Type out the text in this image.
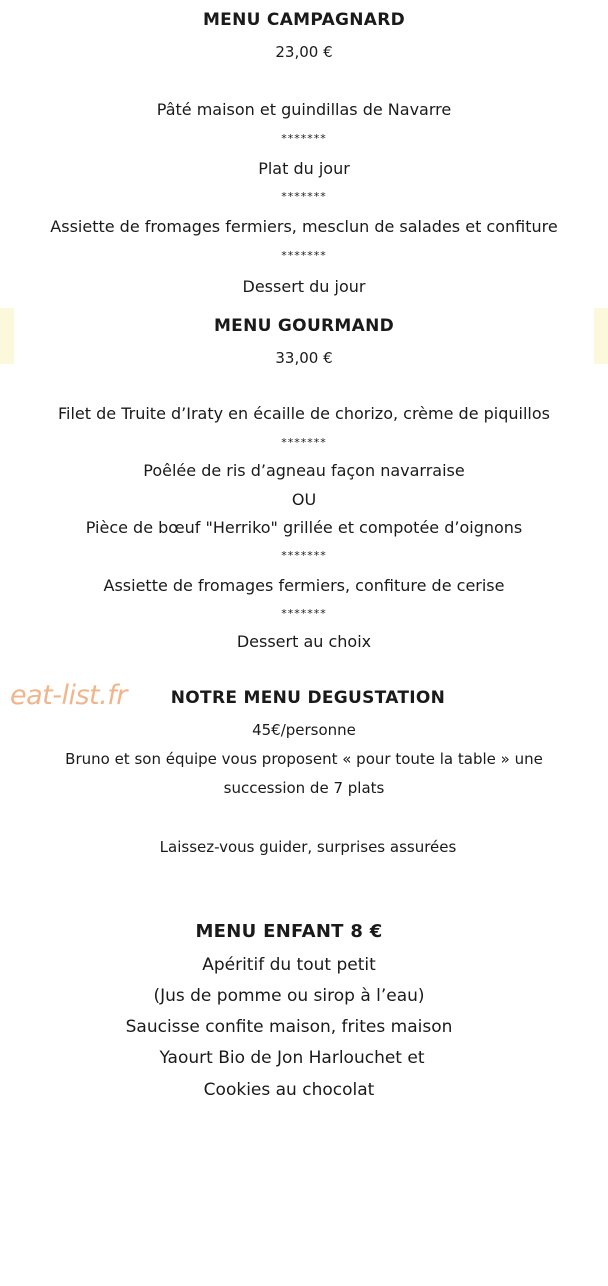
MENU CAMPAGNARD
23,00 €
Pâté maison et guindillas de Navarre
*******
Plat du jour
*******
Assiette de fromages fermiers, mesclun de salades et confiture
*******
Dessert du jour
MENU GOURMAND
33,00 €
Filet de Truite d’Iraty en écaille de chorizo, crème de piquillos
*******
Poêlée de ris d’agneau façon navarraise
OU
Pièce de bœuf "Herriko" grillée et compotée d’oignons
*******
Assiette de fromages fermiers, confiture de cerise
*******
Dessert au choix
eat-list.fr	NOTRE MENU DEGUSTATION
45€/personne
Bruno et son équipe vous proposent « pour toute la table » une
succession de 7 plats
Laissez-vous guider, surprises assurées
MENU ENFANT 8 €
Apéritif du tout petit
(Jus de pomme ou sirop à l’eau)
Saucisse confite maison, frites maison
Yaourt Bio de Jon Harlouchet et
Cookies au chocolat
